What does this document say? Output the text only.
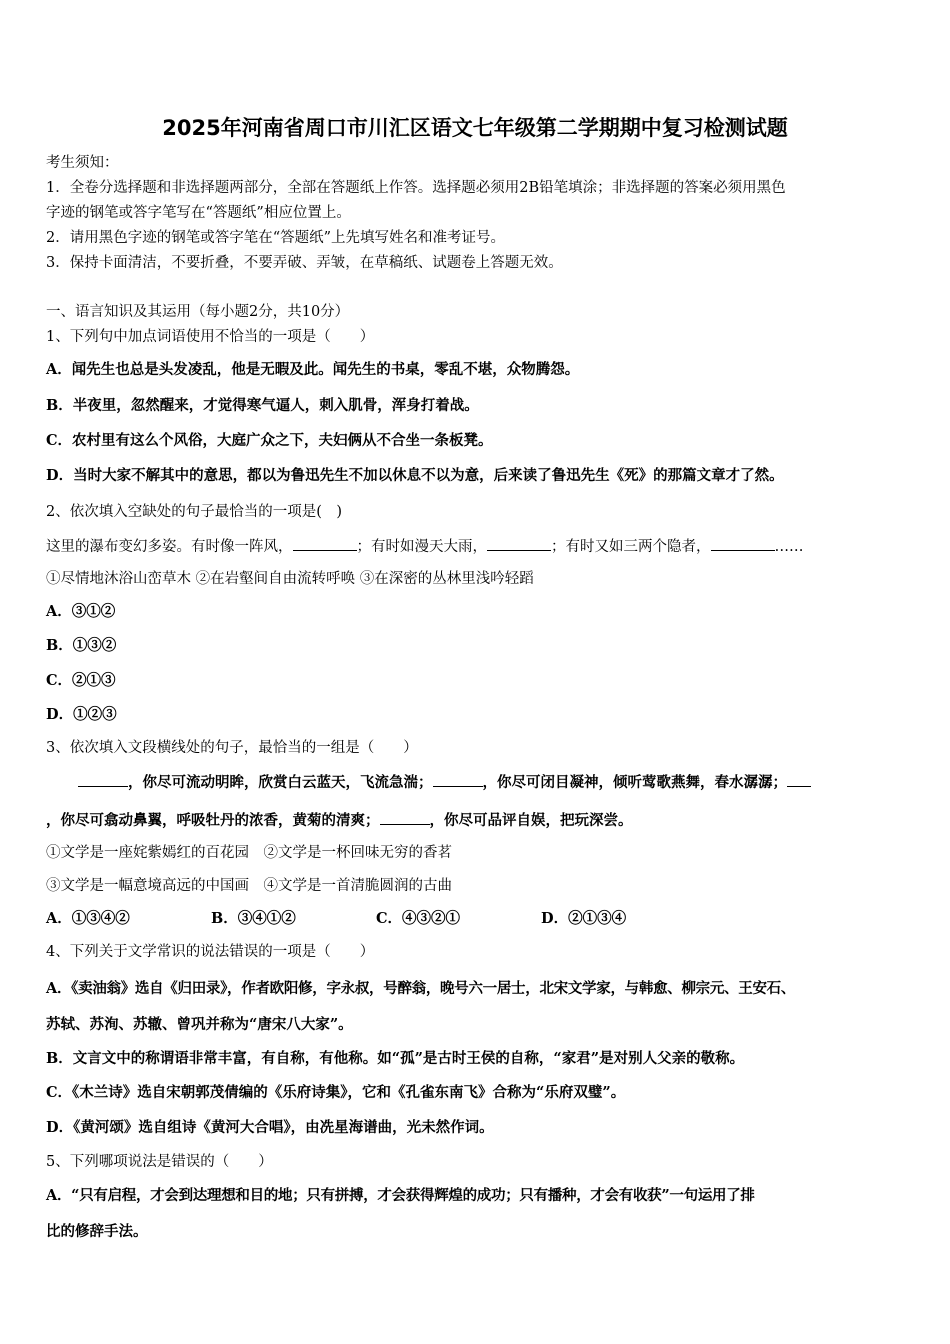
2025年河南省周口市川汇区语文七年级第二学期期中复习检测试题
考生须知：
1．全卷分选择题和非选择题两部分，全部在答题纸上作答。选择题必须用2B铅笔填涂；非选择题的答案必须用黑色
字迹的钢笔或答字笔写在“答题纸”相应位置上。
2．请用黑色字迹的钢笔或答字笔在“答题纸”上先填写姓名和准考证号。
3．保持卡面清洁，不要折叠，不要弄破、弄皱，在草稿纸、试题卷上答题无效。
一、语言知识及其运用（每小题2分，共10分）
1、下列句中加点词语使用不恰当的一项是（　　）
A．闻先生也总是头发凌乱，他是无暇及此。闻先生的书桌，零乱不堪，众物腾怨。
B．半夜里，忽然醒来，才觉得寒气逼人，刺入肌骨，浑身打着战。
C．农村里有这么个风俗，大庭广众之下，夫妇俩从不合坐一条板凳。
D．当时大家不解其中的意思，都以为鲁迅先生不加以休息不以为意，后来读了鲁迅先生《死》的那篇文章才了然。
2、依次填入空缺处的句子最恰当的一项是(　)
这里的瀑布变幻多姿。有时像一阵风，	；有时如漫天大雨，	；有时又如三两个隐者，	……
①尽情地沐浴山峦草木 ②在岩壑间自由流转呼唤 ③在深密的丛林里浅吟轻蹈
A．③①②
B．①③②
C．②①③
D．①②③
3、依次填入文段横线处的句子，最恰当的一组是（　　）
，你尽可流动明眸，欣赏白云蓝天，飞流急湍；	，你尽可闭目凝神，倾听莺歌燕舞，春水潺潺；
，你尽可翕动鼻翼，呼吸牡丹的浓香，黄菊的清爽；	，你尽可品评自娱，把玩深尝。
①文学是一座姹紫嫣红的百花园　②文学是一杯回味无穷的香茗
③文学是一幅意境高远的中国画　④文学是一首清脆圆润的古曲
A．①③④②	B．③④①②	C．④③②①	D．②①③④
4、下列关于文学常识的说法错误的一项是（　　）
A．《卖油翁》选自《归田录》，作者欧阳修，字永叔，号醉翁，晚号六一居士，北宋文学家，与韩愈、柳宗元、王安石、
苏轼、苏洵、苏辙、曾巩并称为“唐宋八大家”。
B．文言文中的称谓语非常丰富，有自称，有他称。如“孤”是古时王侯的自称，“家君”是对别人父亲的敬称。
C．《木兰诗》选自宋朝郭茂倩编的《乐府诗集》，它和《孔雀东南飞》合称为“乐府双璧”。
D．《黄河颂》选自组诗《黄河大合唱》，由冼星海谱曲，光未然作词。
5、下列哪项说法是错误的（　　）
A．“只有启程，才会到达理想和目的地；只有拼搏，才会获得辉煌的成功；只有播种，才会有收获”一句运用了排
比的修辞手法。
